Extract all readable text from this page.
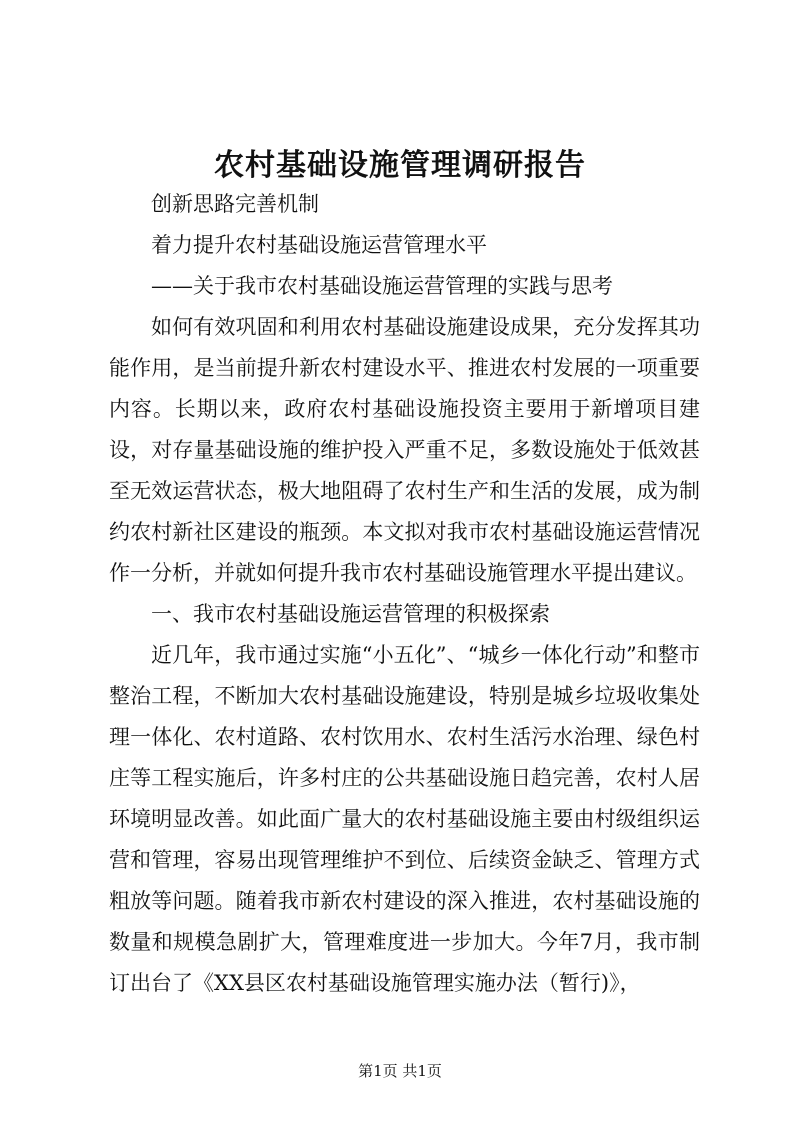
农村基础设施管理调研报告

创新思路完善机制

着力提升农村基础设施运营管理水平

——关于我市农村基础设施运营管理的实践与思考

如何有效巩固和利用农村基础设施建设成果，充分发挥其功能作用，是当前提升新农村建设水平、推进农村发展的一项重要内容。长期以来，政府农村基础设施投资主要用于新增项目建设，对存量基础设施的维护投入严重不足，多数设施处于低效甚至无效运营状态，极大地阻碍了农村生产和生活的发展，成为制约农村新社区建设的瓶颈。本文拟对我市农村基础设施运营情况作一分析，并就如何提升我市农村基础设施管理水平提出建议。

一、我市农村基础设施运营管理的积极探索

近几年，我市通过实施“小五化”、“城乡一体化行动”和整市整治工程，不断加大农村基础设施建设，特别是城乡垃圾收集处理一体化、农村道路、农村饮用水、农村生活污水治理、绿色村庄等工程实施后，许多村庄的公共基础设施日趋完善，农村人居环境明显改善。如此面广量大的农村基础设施主要由村级组织运营和管理，容易出现管理维护不到位、后续资金缺乏、管理方式粗放等问题。随着我市新农村建设的深入推进，农村基础设施的数量和规模急剧扩大，管理难度进一步加大。今年7月，我市制订出台了《XX县区农村基础设施管理实施办法（暂行)》，

第1页 共1页
